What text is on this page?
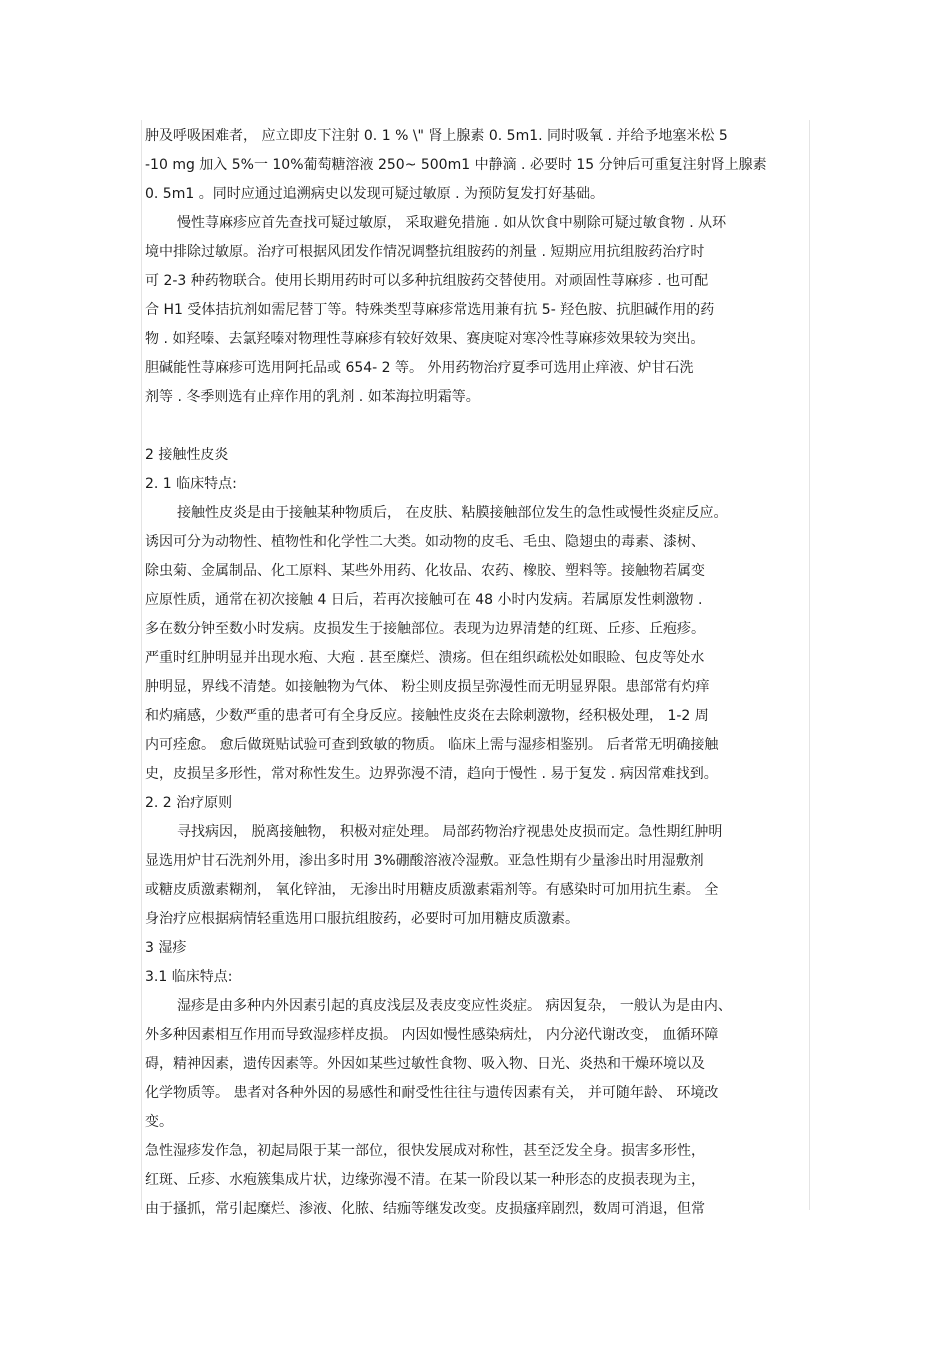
肿及呼吸困难者， 应立即皮下注射 0. 1 % \" 肾上腺素 0. 5m1. 同时吸氧 . 并给予地塞米松 5
-10 mg 加入 5%一 10%葡萄糖溶液 250~ 500m1 中静滴 . 必要时 15 分钟后可重复注射肾上腺素
0. 5m1 。同时应通过追溯病史以发现可疑过敏原 . 为预防复发打好基础。
慢性荨麻疹应首先查找可疑过敏原， 采取避免措施 . 如从饮食中剔除可疑过敏食物 . 从环
境中排除过敏原。治疗可根据风团发作情况调整抗组胺药的剂量 . 短期应用抗组胺药治疗时
可 2-3 种药物联合。使用长期用药时可以多种抗组胺药交替使用。对顽固性荨麻疹 . 也可配
合 H1 受体拮抗剂如需尼替丁等。特殊类型荨麻疹常选用兼有抗 5- 羟色胺、抗胆碱作用的药
物 . 如羟嗪、去氯羟嗪对物理性荨麻疹有较好效果、赛庚啶对寒冷性荨麻疹效果较为突出。
胆碱能性荨麻疹可选用阿托品或 654- 2 等。 外用药物治疗夏季可选用止痒液、炉甘石洗
剂等 . 冬季则选有止痒作用的乳剂 . 如苯海拉明霜等。
2 接触性皮炎
2. 1 临床特点:
接触性皮炎是由于接触某种物质后， 在皮肤、粘膜接触部位发生的急性或慢性炎症反应。
诱因可分为动物性、植物性和化学性二大类。如动物的皮毛、毛虫、隐翅虫的毒素、漆树、
除虫菊、金属制品、化工原料、某些外用药、化妆品、农药、橡胶、塑料等。接触物若属变
应原性质，通常在初次接触 4 日后，若再次接触可在 48 小时内发病。若属原发性刺激物 .
多在数分钟至数小时发病。皮损发生于接触部位。表现为边界清楚的红斑、丘疹、丘疱疹。
严重时红肿明显并出现水疱、大疱 . 甚至糜烂、溃疡。但在组织疏松处如眼睑、包皮等处水
肿明显，界线不清楚。如接触物为气体、 粉尘则皮损呈弥漫性而无明显界限。患部常有灼痒
和灼痛感，少数严重的患者可有全身反应。接触性皮炎在去除刺激物，经积极处理， 1-2 周
内可痊愈。 愈后做斑贴试验可查到致敏的物质。 临床上需与湿疹相鉴别。 后者常无明确接触
史，皮损呈多形性，常对称性发生。边界弥漫不清，趋向于慢性 . 易于复发 . 病因常难找到。
2. 2 治疗原则
寻找病因， 脱离接触物， 积极对症处理。 局部药物治疗视患处皮损而定。急性期红肿明
显选用炉甘石洗剂外用，渗出多时用 3%硼酸溶液冷湿敷。亚急性期有少量渗出时用湿敷剂
或糖皮质激素糊剂， 氧化锌油， 无渗出时用糖皮质激素霜剂等。有感染时可加用抗生素。 全
身治疗应根据病情轻重选用口服抗组胺药，必要时可加用糖皮质激素。
3 湿疹
3.1 临床特点:
湿疹是由多种内外因素引起的真皮浅层及表皮变应性炎症。 病因复杂， 一般认为是由内、
外多种因素相互作用而导致湿疹样皮损。 内因如慢性感染病灶， 内分泌代谢改变， 血循环障
碍，精神因素，遗传因素等。外因如某些过敏性食物、吸入物、日光、炎热和干燥环境以及
化学物质等。 患者对各种外因的易感性和耐受性往往与遗传因素有关， 并可随年龄、 环境改
变。
急性湿疹发作急，初起局限于某一部位，很快发展成对称性，甚至泛发全身。损害多形性，
红斑、丘疹、水疱簇集成片状，边缘弥漫不清。在某一阶段以某一种形态的皮损表现为主，
由于搔抓，常引起糜烂、渗液、化脓、结痂等继发改变。皮损瘙痒剧烈，数周可消退，但常
